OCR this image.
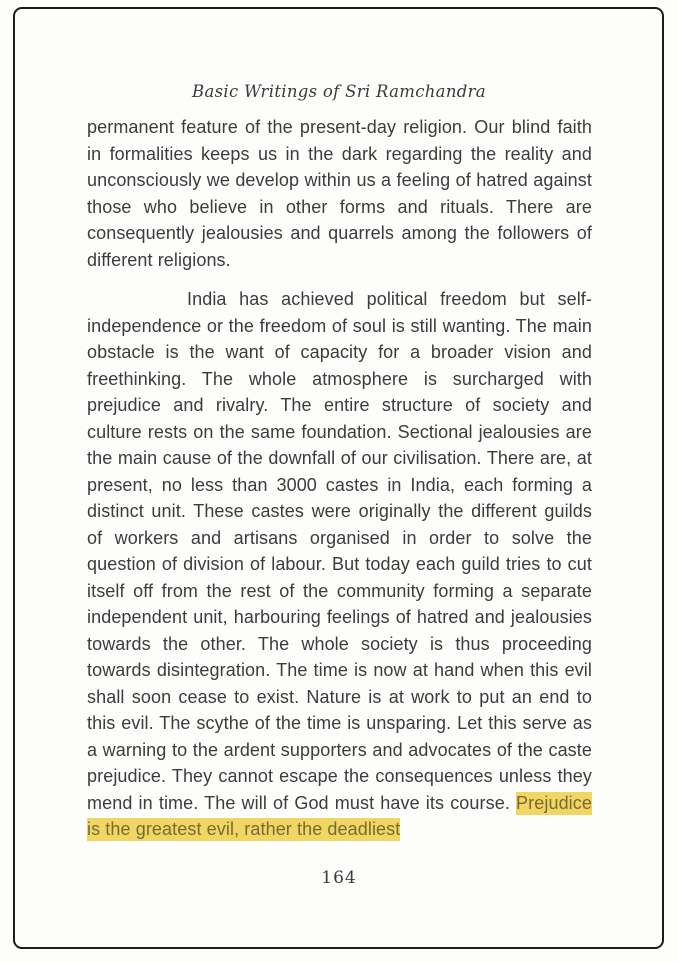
Basic Writings of Sri Ramchandra

permanent feature of the present-day religion. Our blind faith in formalities keeps us in the dark regarding the reality and unconsciously we develop within us a feeling of hatred against those who believe in other forms and rituals. There are consequently jealousies and quarrels among the followers of different religions.

India has achieved political freedom but self-independence or the freedom of soul is still wanting. The main obstacle is the want of capacity for a broader vision and freethinking. The whole atmosphere is surcharged with prejudice and rivalry. The entire structure of society and culture rests on the same foundation. Sectional jealousies are the main cause of the downfall of our civilisation. There are, at present, no less than 3000 castes in India, each forming a distinct unit. These castes were originally the different guilds of workers and artisans organised in order to solve the question of division of labour. But today each guild tries to cut itself off from the rest of the community forming a separate independent unit, harbouring feelings of hatred and jealousies towards the other. The whole society is thus proceeding towards disintegration. The time is now at hand when this evil shall soon cease to exist. Nature is at work to put an end to this evil. The scythe of the time is unsparing. Let this serve as a warning to the ardent supporters and advocates of the caste prejudice. They cannot escape the consequences unless they mend in time. The will of God must have its course. Prejudice is the greatest evil, rather the deadliest

164
